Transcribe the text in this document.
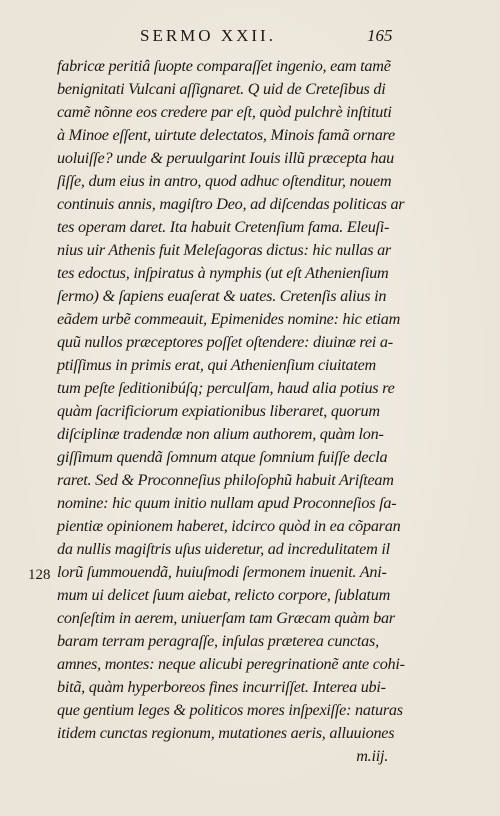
SERMO XXII.	165
128
fabricæ peritiâ ſuopte comparaſſet ingenio, eam tamẽ
benignitati Vulcani aſſignaret. Q uid de Creteſibus di
camẽ nõnne eos credere par eſt, quòd pulchrè inſtituti
à Minoe eſſent, uirtute delectatos, Minois famã ornare
uoluiſſe? unde & peruulgarint Iouis illũ præcepta hau
ſiſſe, dum eius in antro, quod adhuc oſtenditur, nouem
continuis annis, magiſtro Deo, ad diſcendas politicas ar
tes operam daret. Ita habuit Cretenſium fama. Eleuſi-
nius uir Athenis fuit Meleſagoras dictus: hic nullas ar
tes edoctus, inſpiratus à nymphis (ut eſt Athenienſium
ſermo) & ſapiens euaſerat & uates. Cretenſis alius in
eãdem urbẽ commeauit, Epimenides nomine: hic etiam
quũ nullos præceptores poſſet oſtendere: diuinæ rei a-
ptiſſimus in primis erat, qui Athenienſium ciuitatem
tum peſte ſeditionibúſq; perculſam, haud alia potius re
quàm ſacrificiorum expiationibus liberaret, quorum
diſciplinæ tradendæ non alium authorem, quàm lon-
giſſimum quendã ſomnum atque ſomnium fuiſſe decla
raret. Sed & Proconneſius philoſophũ habuit Ariſteam
nomine: hic quum initio nullam apud Proconneſios ſa-
pientiæ opinionem haberet, idcirco quòd in ea cõparan
da nullis magiſtris uſus uideretur, ad incredulitatem il
lorũ ſummouendã, huiuſmodi ſermonem inuenit. Ani-
mum ui delicet ſuum aiebat, relicto corpore, ſublatum
conſeſtim in aerem, uniuerſam tam Græcam quàm bar
baram terram peragraſſe, inſulas præterea cunctas,
amnes, montes: neque alicubi peregrinationẽ ante cohi-
bitã, quàm hyperboreos fines incurriſſet. Interea ubi-
que gentium leges & politicos mores inſpexiſſe: naturas
itidem cunctas regionum, mutationes aeris, alluuiones
m.iij.
